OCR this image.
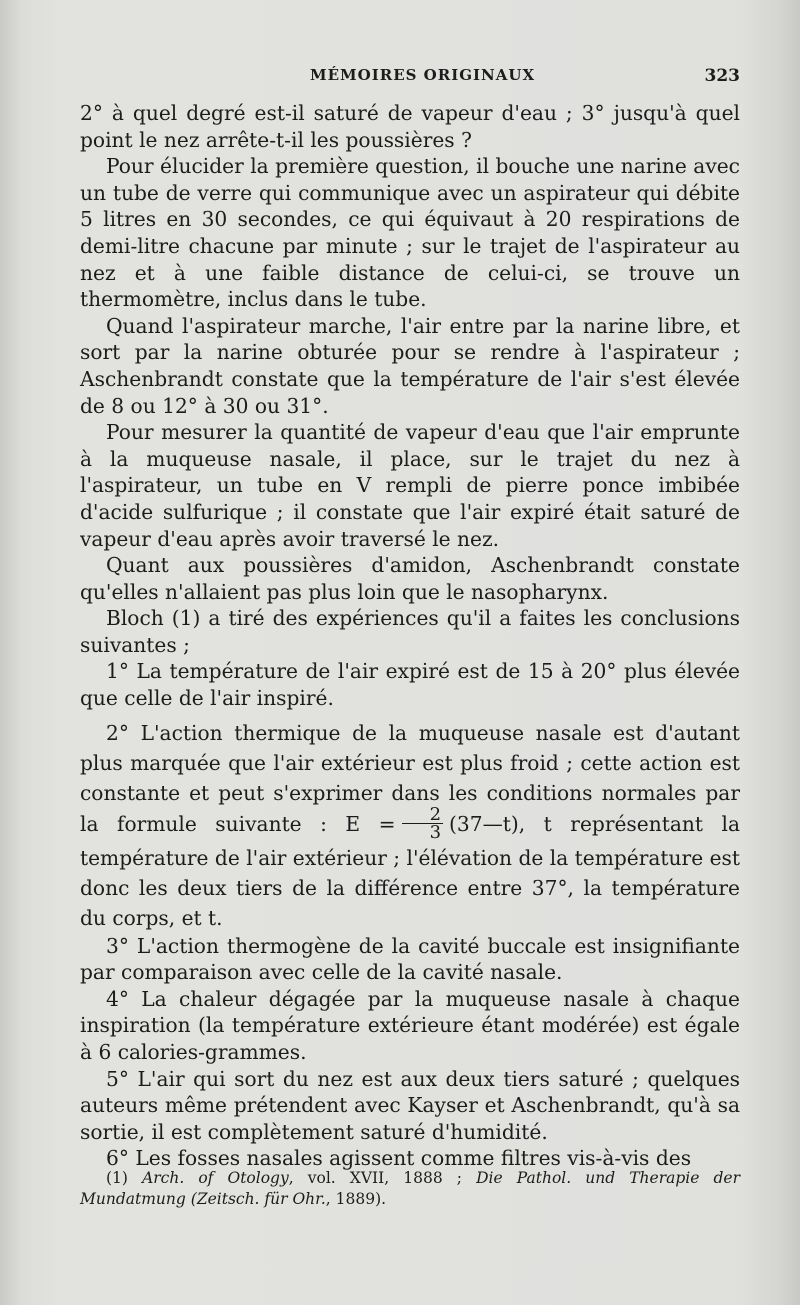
MÉMOIRES ORIGINAUX	323

2° à quel degré est-il saturé de vapeur d'eau ; 3° jusqu'à quel point le nez arrête-t-il les poussières ?

Pour élucider la première question, il bouche une narine avec un tube de verre qui communique avec un aspirateur qui débite 5 litres en 30 secondes, ce qui équivaut à 20 respirations de demi-litre chacune par minute ; sur le trajet de l'aspirateur au nez et à une faible distance de celui-ci, se trouve un thermomètre, inclus dans le tube.

Quand l'aspirateur marche, l'air entre par la narine libre, et sort par la narine obturée pour se rendre à l'aspirateur ; Aschenbrandt constate que la température de l'air s'est élevée de 8 ou 12° à 30 ou 31°.

Pour mesurer la quantité de vapeur d'eau que l'air emprunte à la muqueuse nasale, il place, sur le trajet du nez à l'aspirateur, un tube en V rempli de pierre ponce imbibée d'acide sulfurique ; il constate que l'air expiré était saturé de vapeur d'eau après avoir traversé le nez.

Quant aux poussières d'amidon, Aschenbrandt constate qu'elles n'allaient pas plus loin que le nasopharynx.

Bloch (1) a tiré des expériences qu'il a faites les conclusions suivantes ;

1° La température de l'air expiré est de 15 à 20° plus élevée que celle de l'air inspiré.

2° L'action thermique de la muqueuse nasale est d'autant plus marquée que l'air extérieur est plus froid ; cette action est constante et peut s'exprimer dans les conditions normales par la formule suivante : $E = \frac{2}{3}$ (37—t), t représentant la température de l'air extérieur ; l'élévation de la température est donc les deux tiers de la différence entre 37°, la température du corps, et t.

3° L'action thermogène de la cavité buccale est insignifiante par comparaison avec celle de la cavité nasale.

4° La chaleur dégagée par la muqueuse nasale à chaque inspiration (la température extérieure étant modérée) est égale à 6 calories-grammes.

5° L'air qui sort du nez est aux deux tiers saturé ; quelques auteurs même prétendent avec Kayser et Aschenbrandt, qu'à sa sortie, il est complètement saturé d'humidité.

6° Les fosses nasales agissent comme filtres vis-à-vis des

(1) Arch. of Otology, vol. XVII, 1888 ; Die Pathol. und Therapie der Mundatmung (Zeitsch. für Ohr., 1889).
